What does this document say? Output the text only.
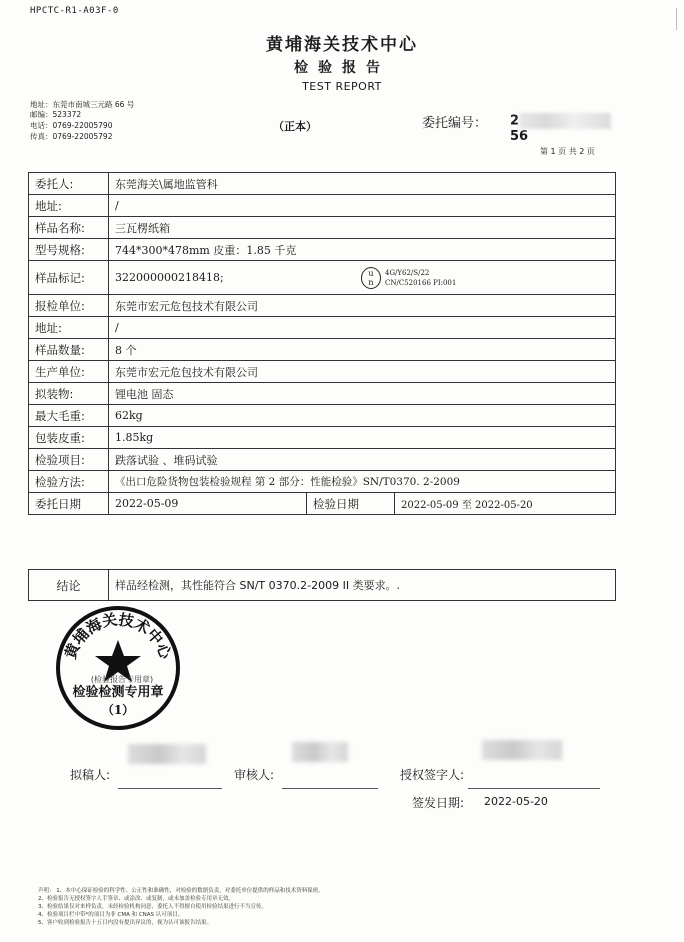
HPCTC-R1-A03F-0
黄埔海关技术中心
检验报告
TEST REPORT
地址：东莞市南城三元路 66 号
邮编：523372
电话：0769-22005790
传真：0769-22005792
（正本）	委托编号： 256
第 1 页 共 2 页
委托人:	东莞海关\属地监管科		
地址:	/		
样品名称:	三瓦楞纸箱		
型号规格:	744*300*478mm 皮重：1.85 千克		
样品标记:	322000000218418; u
n
4G/Y62/S/22
CN/C520166 PI:001		

报检单位:	东莞市宏元危包技术有限公司		
地址:	/		
样品数量:	8 个		
生产单位:	东莞市宏元危包技术有限公司		
拟装物:	锂电池 固态		
最大毛重:	62kg		
包装皮重:	1.85kg		
检验项目:	跌落试验 、堆码试验		
检验方法:	《出口危险货物包装检验规程 第 2 部分：性能检验》SN/T0370. 2-2009		
委托日期	2022-05-09	检验日期	2022-05-09 至 2022-05-20
结论	样品经检测，其性能符合 SN/T 0370.2-2009 II 类要求。.
黄埔海关技术中心
检验检测专用章
（1）
(检验报告专用章)
拟稿人:	审核人:	授权签字人:
签发日期: 2022-05-20
声明： 1、本中心保证检验的科学性、公正性和准确性，对检验的数据负责，对委托单位提供的样品和技术资料保密。
2、检验报告无授权签字人手签章、或涂改、或复制，或未加盖检验专用章无效。
3、检验结果仅对来样负责，未经检验机构同意，委托人不得擅自使用检验结果进行不当宣传。
4、检验项目栏中带*的项目为非 CMA 和 CNAS 认可项目。
5、客户收到检验报告十五日内没有提出异议的，视为认可该报告结果。
